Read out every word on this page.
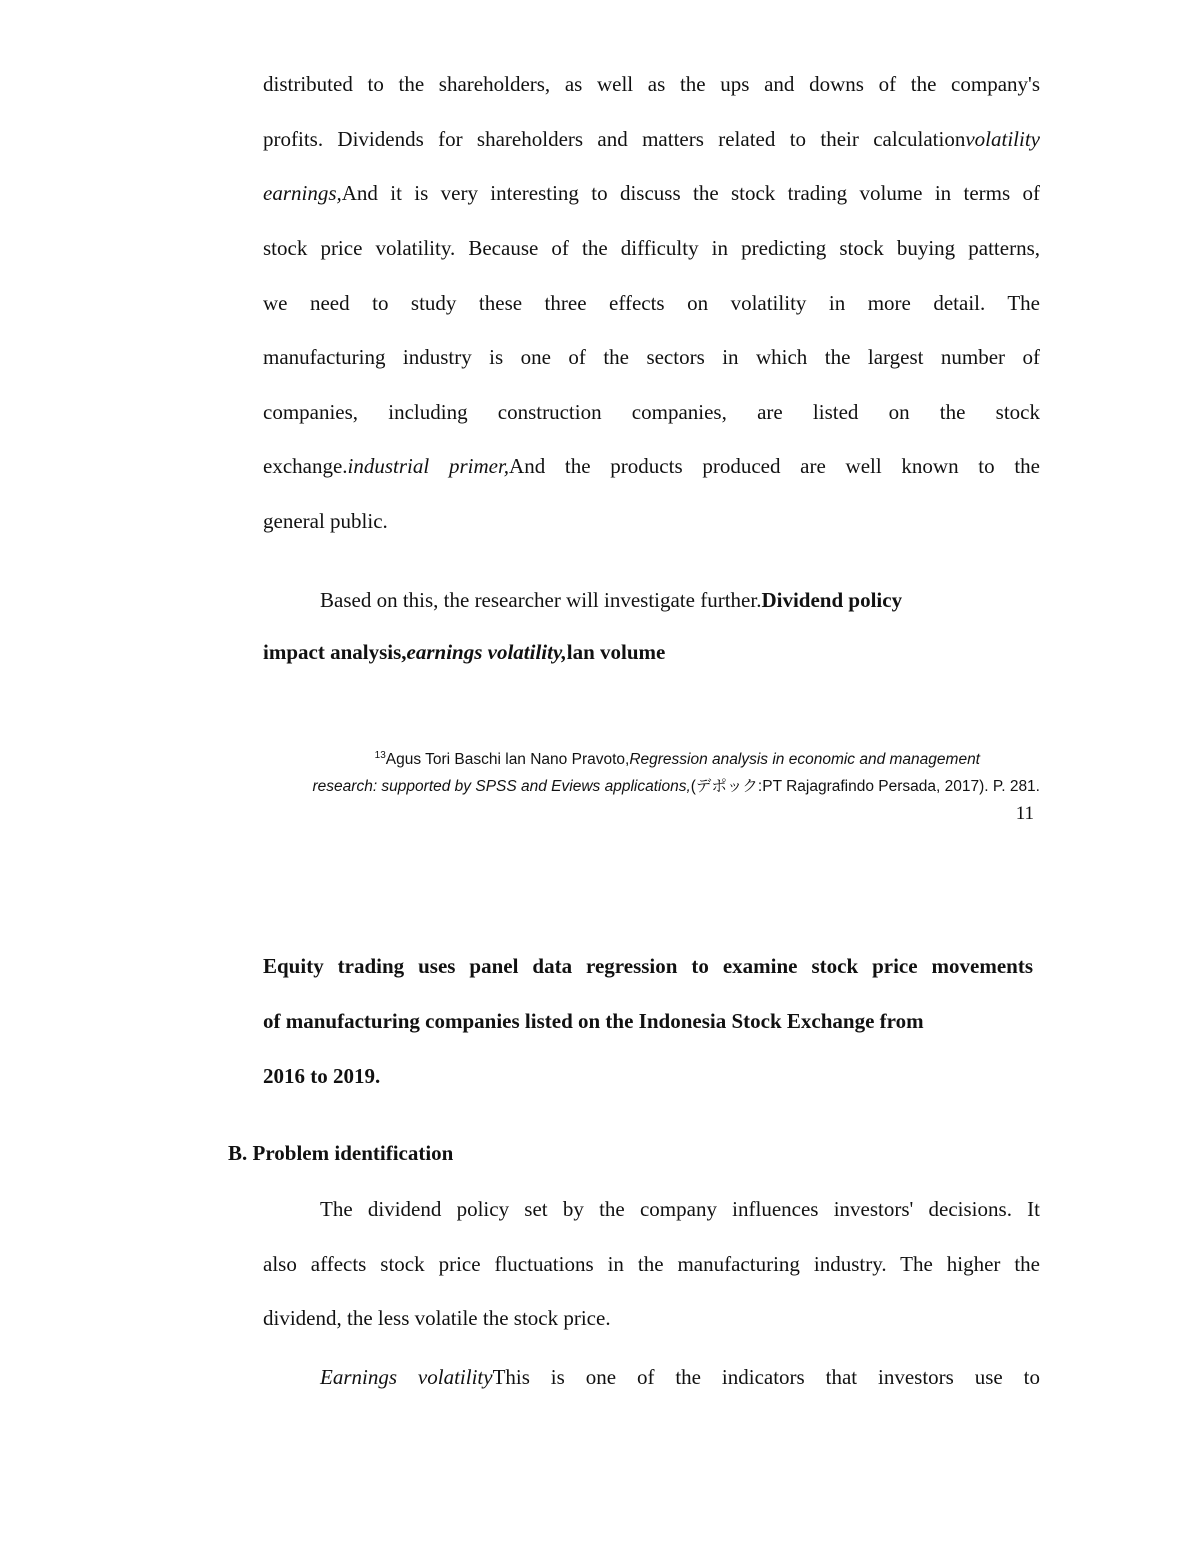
distributed to the shareholders, as well as the ups and downs of the company's
profits. Dividends for shareholders and matters related to their calculationvolatility
earnings,And it is very interesting to discuss the stock trading volume in terms of
stock price volatility. Because of the difficulty in predicting stock buying patterns,
we need to study these three effects on volatility in more detail. The
manufacturing industry is one of the sectors in which the largest number of
companies, including construction companies, are listed on the stock
exchange.industrial primer,And the products produced are well known to the
general public.
Based on this, the researcher will investigate further.Dividend policy
impact analysis,earnings volatility,lan volume
$^{13}$Agus Tori Baschi lan Nano Pravoto,Regression analysis in economic and management
research: supported by SPSS and Eviews applications,(デポック:PT Rajagrafindo Persada, 2017). P. 281.
11
Equity trading uses panel data regression to examine stock price movements
of manufacturing companies listed on the Indonesia Stock Exchange from
2016 to 2019.
B. Problem identification
The dividend policy set by the company influences investors' decisions. It
also affects stock price fluctuations in the manufacturing industry. The higher the
dividend, the less volatile the stock price.
Earnings volatilityThis is one of the indicators that investors use to
